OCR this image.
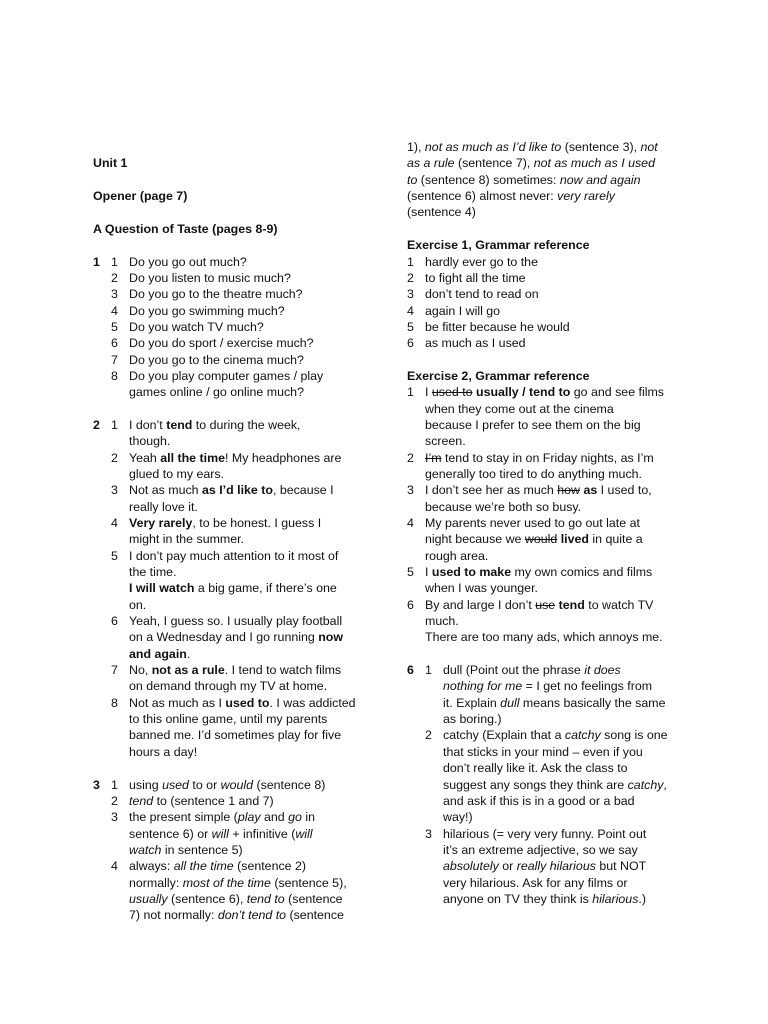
Unit 1
Opener (page 7)
A Question of Taste (pages 8-9)
1 1 Do you go out much?
2 Do you listen to music much?
3 Do you go to the theatre much?
4 Do you go swimming much?
5 Do you watch TV much?
6 Do you do sport / exercise much?
7 Do you go to the cinema much?
8 Do you play computer games / play
games online / go online much?
2 1 I don’t tend to during the week,
though.
2 Yeah all the time! My headphones are
glued to my ears.
3 Not as much as I’d like to, because I
really love it.
4 Very rarely, to be honest. I guess I
might in the summer.
5 I don’t pay much attention to it most of
the time.
I will watch a big game, if there’s one
on.
6 Yeah, I guess so. I usually play football
on a Wednesday and I go running now
and again.
7 No, not as a rule. I tend to watch films
on demand through my TV at home.
8 Not as much as I used to. I was addicted
to this online game, until my parents
banned me. I’d sometimes play for five
hours a day!
3 1 using used to or would (sentence 8)
2 tend to (sentence 1 and 7)
3 the present simple (play and go in
sentence 6) or will + infinitive (will
watch in sentence 5)
4 always: all the time (sentence 2)
normally: most of the time (sentence 5),
usually (sentence 6), tend to (sentence
7) not normally: don’t tend to (sentence
1), not as much as I’d like to (sentence 3), not
as a rule (sentence 7), not as much as I used
to (sentence 8) sometimes: now and again
(sentence 6) almost never: very rarely
(sentence 4)
Exercise 1, Grammar reference
1 hardly ever go to the
2 to fight all the time
3 don’t tend to read on
4 again I will go
5 be fitter because he would
6 as much as I used
Exercise 2, Grammar reference
1 I used to usually / tend to go and see films
when they come out at the cinema
because I prefer to see them on the big
screen.
2 I’m tend to stay in on Friday nights, as I’m
generally too tired to do anything much.
3 I don’t see her as much how as I used to,
because we’re both so busy.
4 My parents never used to go out late at
night because we would lived in quite a
rough area.
5 I used to make my own comics and films
when I was younger.
6 By and large I don’t use tend to watch TV
much.
There are too many ads, which annoys me.
6 1 dull (Point out the phrase it does
nothing for me = I get no feelings from
it. Explain dull means basically the same
as boring.)
2 catchy (Explain that a catchy song is one
that sticks in your mind – even if you
don’t really like it. Ask the class to
suggest any songs they think are catchy,
and ask if this is in a good or a bad
way!)
3 hilarious (= very very funny. Point out
it’s an extreme adjective, so we say
absolutely or really hilarious but NOT
very hilarious. Ask for any films or
anyone on TV they think is hilarious.)
